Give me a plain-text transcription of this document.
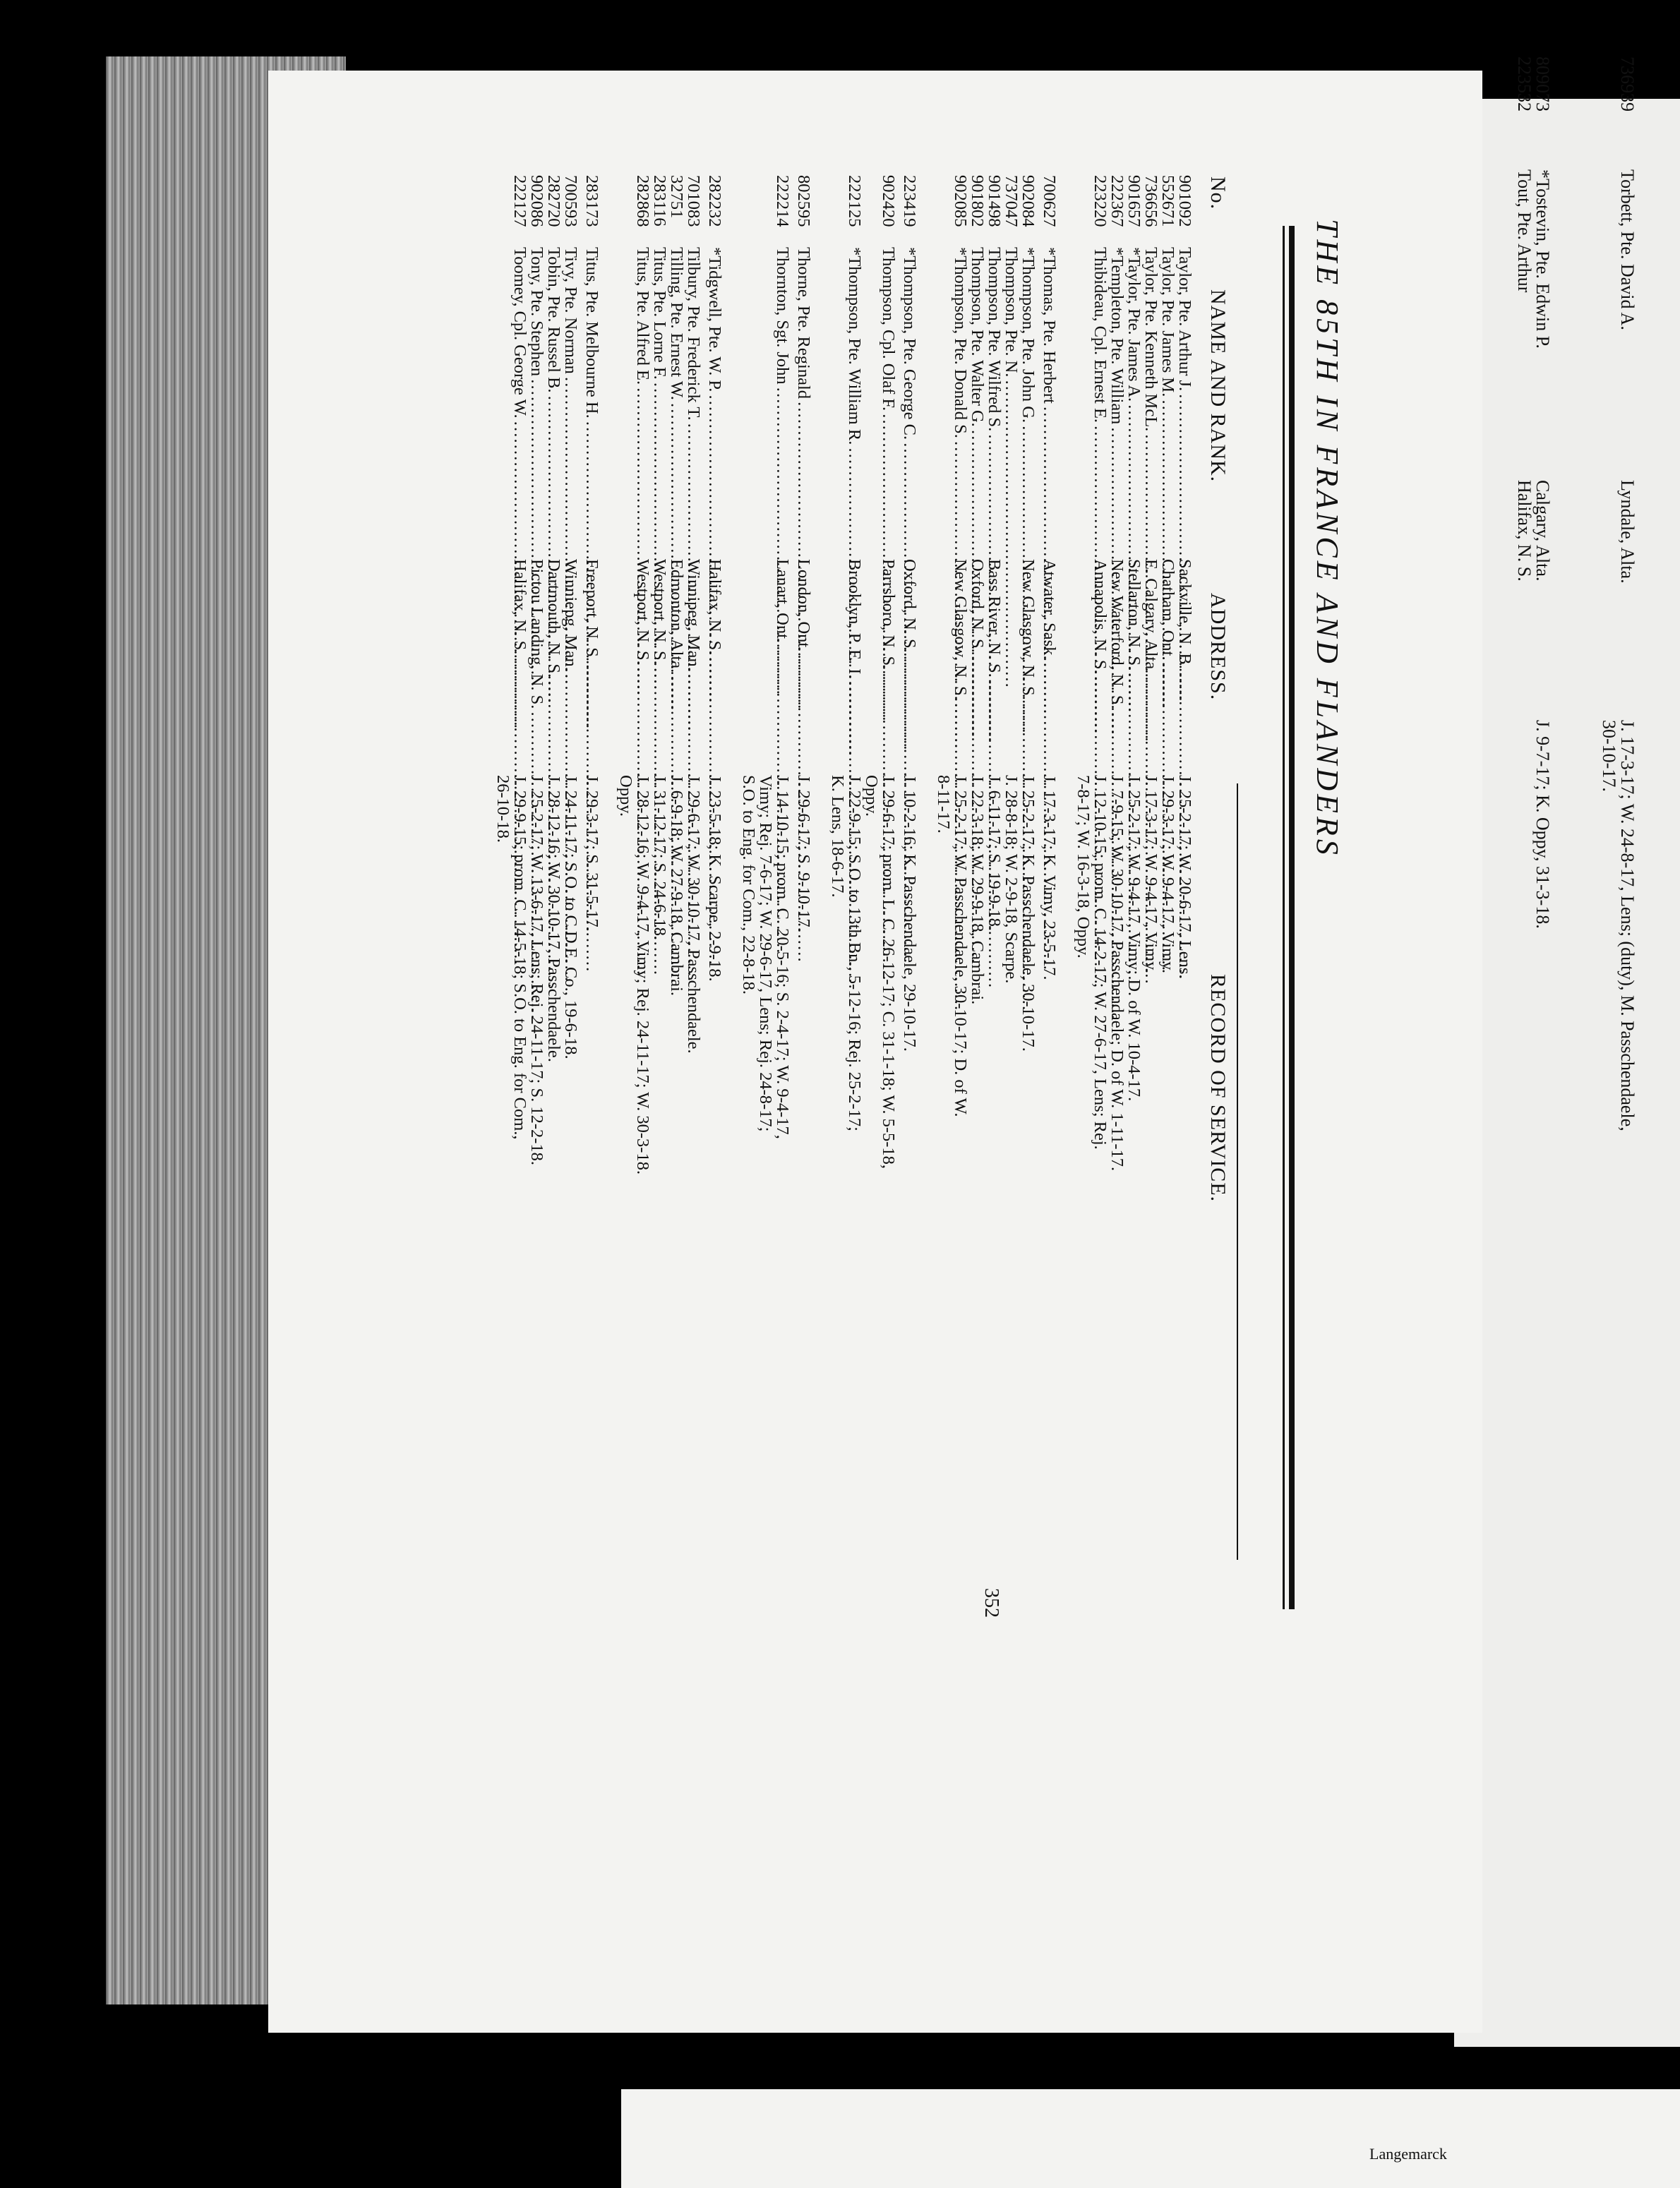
Langemarck
THE 85TH IN FRANCE AND FLANDERS
No.
NAME AND RANK.
ADDRESS.
RECORD OF SERVICE.
901092
Taylor, Pte. Arthur J. . . .
Sackville, N. B. . . .
J. 25-2-17; W. 20-6-17, Lens.
552671
Taylor, Pte. James M. . . .
Chatham, Ont. . . .
J. 29-3-17; W. 9-4-17, Vimy.
736656
Taylor, Pte. Kenneth McL. . . .
E. Calgary, Alta. . . .
J. 17-3-17; W. 9-4-17, Vimy.
901657
*Taylor, Pte. James A. . . .
Stellarton, N. S. . . .
J. 25-2-17; W. 9-4-17, Vimy; D. of W. 10-4-17.
222367
*Templeton, Pte. William . . .
New Waterford, N. S. . . .
J. 7-9-15; W. 30-10-17, Passchendaele; D. of W. 1-11-17.
223220
Thibideau, Cpl. Ernest E. . . .
Annapolis, N. S. . . .
J. 12-10-15; prom. C. 14-2-17; W. 27-6-17, Lens; Rej.
7-8-17; W. 16-3-18, Oppy.
700627
*Thomas, Pte. Herbert . . .
Atwater, Sask. . . .
J. 17-3-17; K. Vimy, 23-5-17.
902084
*Thompson, Pte. John G. . . .
New Glasgow, N. S. . . .
J. 25-2-17; K. Passchendaele, 30-10-17.
737047
Thompson, Pte. N. . . .
J. 28-8-18; W. 2-9-18, Scarpe.
901498
Thompson, Pte. Wilfred S. . . .
Bass River, N. S. . . .
J. 6-11-17; S. 19-9-18.
901802
Thompson, Pte. Walter G. . . .
Oxford, N. S. . . .
J. 22-3-18; W. 29-9-18, Cambrai.
902085
*Thompson, Pte. Donald S. . . .
New Glasgow, N. S. . . .
J. 25-2-17; W. Passchendaele, 30-10-17; D. of W.
8-11-17.
223419
*Thompson, Pte. George C. . . .
Oxford, N. S. . . .
J. 10-2-16; K. Passchendaele, 29-10-17.
902420
Thompson, Cpl. Olaf F. . . .
Parrsboro, N. S. . . .
J. 29-6-17; prom. L. C. 26-12-17; C. 31-1-18; W. 5-5-18,
Oppy.
222125
*Thompson, Pte. William R. . . .
Brooklyn, P. E. I. . . .
J. 22-9-15; S.O. to 13th Bn., 5-12-16; Rej. 25-2-17;
K. Lens, 18-6-17.
802595
Thorne, Pte. Reginald . . .
London, Ont. . . .
J. 29-6-17; S. 9-10-17.
222214
Thornton, Sgt. John . . .
Lanart, Ont. . . .
J. 14-10-15; prom. C. 20-5-16; S. 2-4-17; W. 9-4-17,
Vimy; Rej. 7-6-17; W. 29-6-17, Lens; Rej. 24-8-17;
S.O. to Eng. for Com., 22-8-18.
282232
*Tidgwell, Pte. W. P. . . .
Halifax, N. S. . . .
J. 23-5-18; K. Scarpe, 2-9-18.
701083
Tilbury, Pte. Frederick T. . . .
Winnipeg, Man. . . .
J. 29-6-17; W. 30-10-17, Passchendaele.
32751
Tilling, Pte. Ernest W. . . .
Edmonton, Alta. . . .
J. 6-9-18; W. 27-9-18, Cambrai.
283116
Titus, Pte. Lorne F. . . .
Westport, N. S. . . .
J. 31-12-17; S. 24-6-18.
282868
Titus, Pte. Alfred E. . . .
Westport, N. S. . . .
J. 28-12-16; W. 9-4-17, Vimy; Rej. 24-11-17; W. 30-3-18.
Oppy.
283173
Titus, Pte. Melbourne H. . . .
Freeport, N. S. . . .
J. 29-3-17; S. 31-5-17.
700593
Tivy, Pte. Norman . . .
Winniepg, Man. . . .
J. 24-11-17; S.O. to C.D.E. Co., 19-6-18.
282720
Tobin, Pte. Russel B. . . .
Dartmouth, N. S. . . .
J. 28-12-16; W. 30-10-17, Passchendaele.
902086
Tony, Pte. Stephen . . .
Pictou Landing, N. S. . . .
J. 25-2-17; W. 13-6-17, Lens; Rej. 24-11-17; S. 12-2-18.
222127
Toomey, Cpl. George W. . . .
Halifax, N. S. . . .
J. 29-9-15; prom. C. 14-5-18; S.O. to Eng. for Com.,
26-10-18.
352
736939
Torbett, Pte. David A.
Lyndale, Alta.
J. 17-3-17; W. 24-8-17, Lens; (duty), M. Passchendaele,
30-10-17.
809073
*Tostevin, Pte. Edwin P.
Calgary, Alta.
J. 9-7-17; K. Oppy, 31-3-18.
223532
Tout, Pte. Arthur
Halifax, N. S.
